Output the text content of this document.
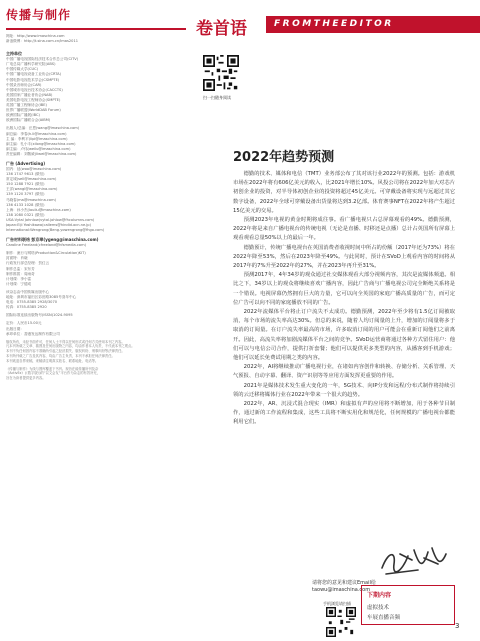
传播与制作
网址：http://www.imaschina.com
新浪微博：http://t.sina.com.cn/imas2011
主持单位
中国广播电视国际经济技术合作总公司(CITV)
广电总局广播科学研究院(ABS)
中国传媒大学(CUC)
中国广播电视设备工业协会(CRTA)
中国电影电视技术学会(CSMPTE)
中国录音师协会(CAR)
中国城市电视台技术协会(CACCTS)
美国国家广播业者协会(NAB)
美国电影电视工程师协会(SMPTE)
英国广播工程师协会(IBE)
世界广播联盟(WorldDAB Forum)
欧洲国际广播展(IBC)
欧洲国际广播联合会(AIBM)
出版人/总编：汪恩(wang@imaschina.com)
副总编：李春(h.li@imaschina.com)
主 编：李利平(lipi@imaschina.com)
副主编：孔小丰(xilong@imaschina.com)
副主编：卢伟(weilu@imaschina.com)
责任编辑：刘敬威(liwei@imaschina.com)
广告 (Advertising)
国内：延(woo@imaschina.com)
136 1747 9613 (微信)
常定城(sell@imaschina.com)
150 1288 7921 (微信)
王洋(wangl@imaschina.com)
139 1120 3797 (微信)
马晓春(ma@imaschina.com)
136 4133 1028 (微信)
上海：孙小杰(louliu@imaschina.com)
138 1080 0321 (微信)
USA:Vytal Johnlow(vytal.johlow@fhcolumns.com)
Japan:Eiji Yoshikawa(callems@hindid.ocn.ne.jp)
International:Wengrong(Beng.yowengrong@fhgo.com)
广告材料联络 彭京翠(ygeng@imaschina.com)
Caroline Freeland(cfreeland@hfsmedia.com)
制作：流行与网络(Production&Circulation)KIT)
封面特：肖晓
行政发行部总经理：贺红云
制作总监：宋东芳
制作推拔：周雨奇
计划课：李小雷
计划课：宁德成
该杂志由中国传媒出版中心
地址：深圳市福田区彩田路3085号喜年中心
电话：0755-8385 2928/3070
传真：0755-8385 2920
国际标准连续出版物号(ISSN)1024-9095
定价：人民币15.00元
出版日期：
承印单位：香港发达制作有限公司
版权所有，未经书面许可，任何人士不得以任何形式或任何方式使用本刊之内容。
凡本刊所载之文章、插图及任何出版物之内容，均由作者本人负责，不代表本刊之观点。
本刊不负任何因内容不准确所引起之经济损失、版权纠纷、刑事纠纷等法律责任。
本刊所刊载之广告及其内容，均由广告主负责，本刊不承担任何法律责任。
本刊欢迎各界来稿，来稿请注明真实姓名、联系地址、电话等。
《传播与制作》为线与图库覆盖下书刊。现旨在能传播所刊及杂
《ActivEx》(《数字版》)的“以文会友”平台作为杂志的有效补充，
旨在为读者提供更多内容。
FROMTHEEDITOR
卷首语
扫一扫随身阅读
2022年趋势预测

德勤的技术、媒体和电信（TMT）业务部公布了其对该行业2022年的预测。包括：游戏机市场在2022年将有606亿美元的收入，比2021年增长10%。风投公司将在2022年加大对芯片初创企业的投资，对半导体初创企业的投资将超过45亿美元。可穿戴设备将实现与远超过其它数字设备，2022年全球可穿戴设备出货量将达到3.2亿部。体育赛事NFT在2022年将产生超过15亿美元的交易。

预测2023年电视的黄金时期将成往事。看广播电视只占总屏幕观看的49%。德勤预测，2022年将是来自广播电视台的传统电视（无论是直播、时移还是点播）总计占英国所有屏幕上观看观看总量50%以上的最后一年。

德勤预计，传统广播电视台在英国消费者收视时间中所占的份额（2017年还为73%）将在2022年降至53%，然后在2023年降至49%。与此同时，预计在SVoD上观看内容的时间将从2017年的7%升至2022年的27%，并在2023年再升至31%。

预测2017年，4年34岁的观众通过社交媒体观看大部分视频内容，其次是流媒体频道。相比之下，34岁以上的观众将继续喜欢广播内容，因此广告商与广播电视公司完全断绝关系将是一个错误。电视屏幕仍然拥有巨大的力量，它可以向全英国的家庭广播高质量的广告，而可定位广告可以向不同的家庭播放不同的广告。

2022年流媒体平台将止订户流失不太成功。德勤预测，2022年至少将有1.5亿订阅被取消，每个市场的流失率高达30%。但总的来说，随着人均订阅量的上升，增加的订阅量将多于取消的订阅量。在订户流失率最高的市场，许多取消订阅的用户可能会在重新订阅他们之前离开。因此，高流失率将加剧流媒体平台之间的竞争。SVoD运营商将通过各种方式留住用户：他们可以与电信公司合作，提供打折套餐；他们可以提供更多类型的内容，从播客到手机游戏；他们可以延长免费试用期之类的内容。

2022年，AI将继续推动广播电视行业，在诸如内容创作和转换、存储分析、关系管理、天气预报、自动字幕、翻译、资产识别等等应用方面发挥更重要的作用。

2021年是媒体技术发生重大变化的一年，5G技术、向IP分发和远程/分布式制作将持续引领的云迁移将媒体行业在2022年带来一个很大的趋势。

2022年，AR、沉浸式混合现实（IMR）和虚拟有声的应用将不断增加，用于各种节目制作，通过新的工作流程和集成，这些工具将不断实用化和规范化，任何规模的广播电视台都能利用它们。

请将您的意见和建议Email给
taowu@imaschina.com
手机浏览请扫描
下期内容
虚拟技术
车展直播音频
3
